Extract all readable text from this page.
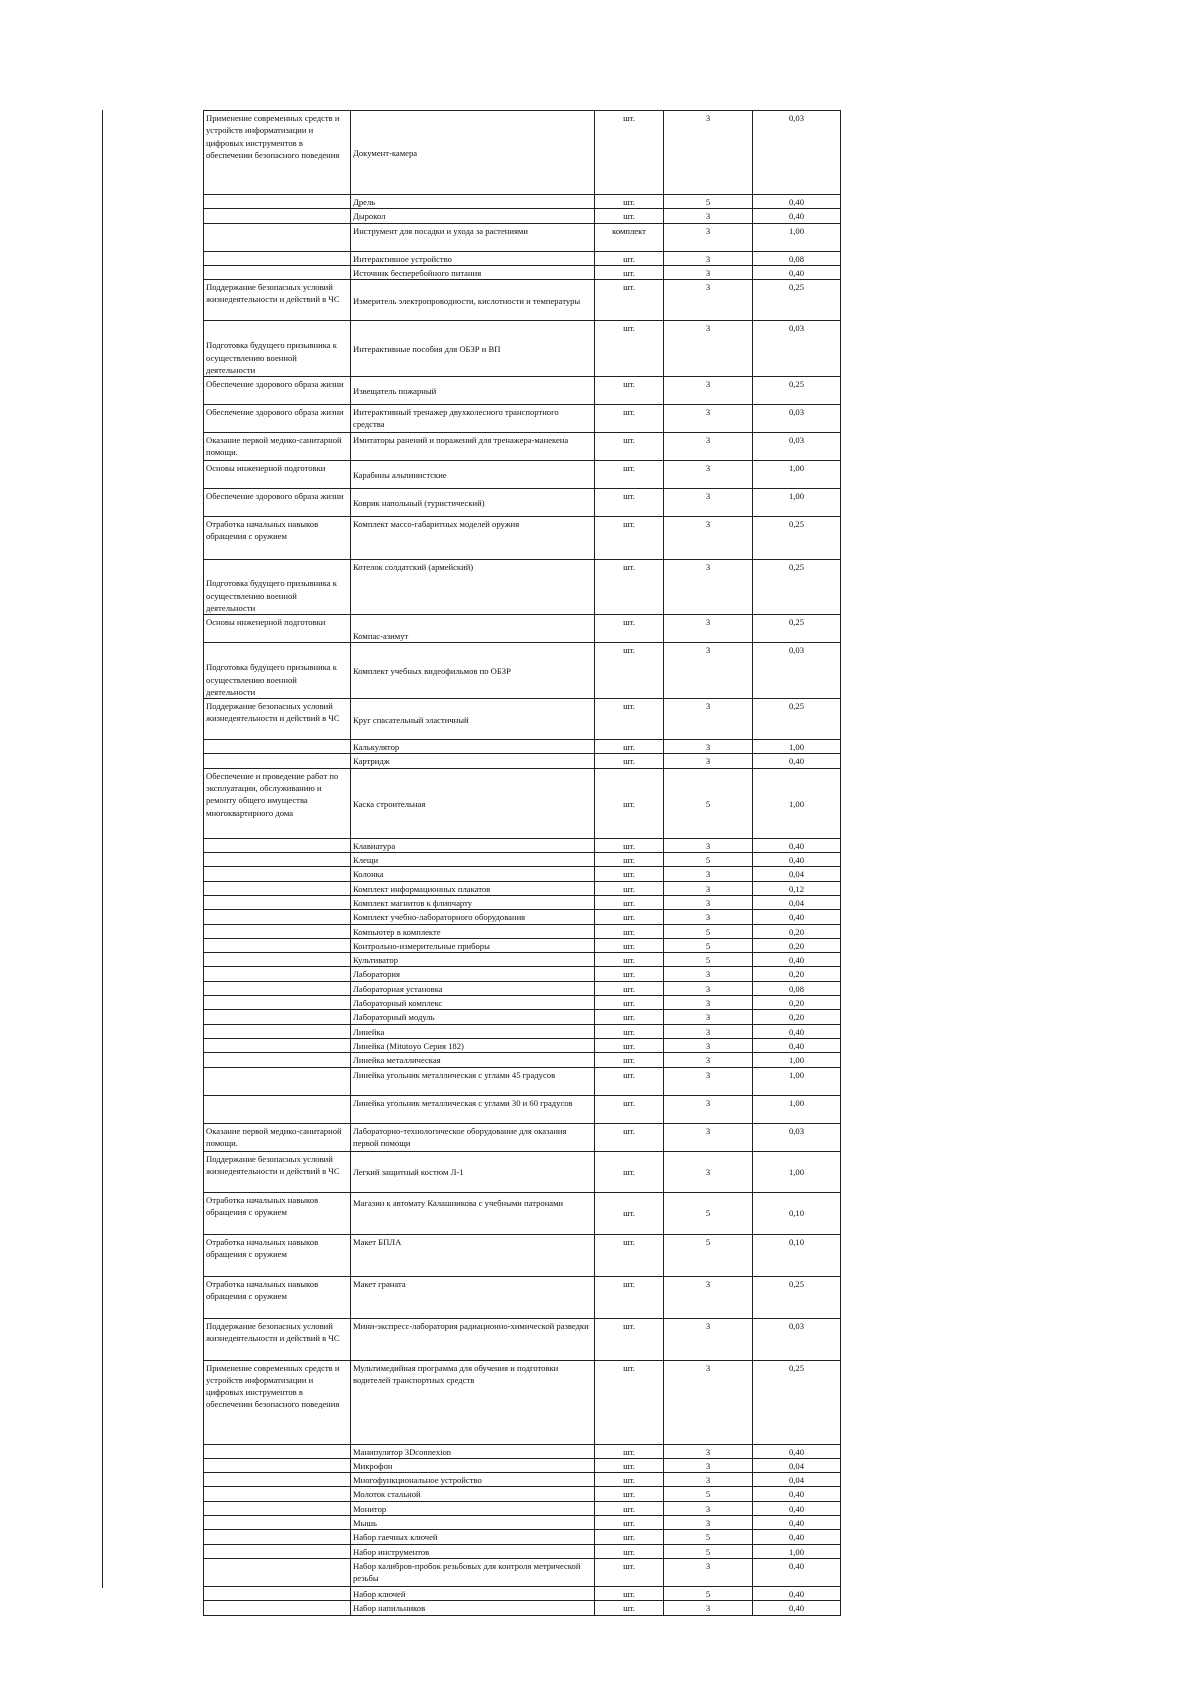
Применение современных средств и устройств информатизации и цифровых инструментов в обеспечении безопасного поведения	Документ-камера	шт.	3	0,03
	Дрель	шт.	5	0,40
	Дырокол	шт.	3	0,40
	Инструмент для посадки и ухода за растениями	комплект	3	1,00
	Интерактивное устройство	шт.	3	0,08
	Источник бесперебойного питания	шт.	3	0,40
Поддержание безопасных условий жизнедеятельности и действий в ЧС	Измеритель электропроводности, кислотности и температуры	шт.	3	0,25
Подготовка будущего призывника к осуществлению военной деятельности	Интерактивные пособия для ОБЗР и ВП	шт.	3	0,03
Обеспечение здорового образа жизни	Извещатель пожарный	шт.	3	0,25
Обеспечение здорового образа жизни	Интерактивный тренажер двухколесного транспортного средства	шт.	3	0,03
Оказание первой медико-санитарной помощи.	Имитаторы ранений и поражений для тренажера-манекена	шт.	3	0,03
Основы инженерной подготовки	Карабины альпинистские	шт.	3	1,00
Обеспечение здорового образа жизни	Коврик напольный (туристический)	шт.	3	1,00
Отработка начальных навыков обращения с оружием	Комплект массо-габаритных моделей оружия	шт.	3	0,25
Подготовка будущего призывника к осуществлению военной деятельности	Котелок солдатский (армейский)	шт.	3	0,25
Основы инженерной подготовки	Компас-азимут	шт.	3	0,25
Подготовка будущего призывника к осуществлению военной деятельности	Комплект учебных видеофильмов по ОБЗР	шт.	3	0,03
Поддержание безопасных условий жизнедеятельности и действий в ЧС	Круг спасательный эластичный	шт.	3	0,25
	Калькулятор	шт.	3	1,00
	Картридж	шт.	3	0,40
Обеспечение и проведение работ по эксплуатации, обслуживанию и ремонту общего имущества многоквартирного дома	Каска строительная	шт.	5	1,00
	Клавиатура	шт.	3	0,40
	Клещи	шт.	5	0,40
	Колонка	шт.	3	0,04
	Комплект информационных плакатов	шт.	3	0,12
	Комплект магнитов к флипчарту	шт.	3	0,04
	Комплект учебно-лабораторного оборудования	шт.	3	0,40
	Компьютер в комплекте	шт.	5	0,20
	Контрольно-измерительные приборы	шт.	5	0,20
	Культиватор	шт.	5	0,40
	Лаборатория	шт.	3	0,20
	Лабораторная установка	шт.	3	0,08
	Лабораторный комплекс	шт.	3	0,20
	Лабораторный модуль	шт.	3	0,20
	Линейка	шт.	3	0,40
	Линейка (Mitutoyo Серия 182)	шт.	3	0,40
	Линейка металлическая	шт.	3	1,00
	Линейка угольник металлическая с углами 45 градусов	шт.	3	1,00
	Линейка угольник металлическая с углами 30 и 60 градусов	шт.	3	1,00
Оказание первой медико-санитарной помощи.	Лабораторно-технологическое оборудование для оказания первой помощи	шт.	3	0,03
Поддержание безопасных условий жизнедеятельности и действий в ЧС	Легкий защитный костюм Л-1	шт.	3	1,00
Отработка начальных навыков обращения с оружием	Магазин к автомату Калашникова с учебными патронами	шт.	5	0,10
Отработка начальных навыков обращения с оружием	Макет БПЛА	шт.	5	0,10
Отработка начальных навыков обращения с оружием	Макет граната	шт.	3	0,25
Поддержание безопасных условий жизнедеятельности и действий в ЧС	Мини-экспресс-лаборатория радиационно-химической разведки	шт.	3	0,03
Применение современных средств и устройств информатизации и цифровых инструментов в обеспечении безопасного поведения	Мультимедийная программа для обучения и подготовки водителей транспортных средств	шт.	3	0,25
	Манипулятор 3Dconnexion	шт.	3	0,40
	Микрофон	шт.	3	0,04
	Многофункциональное устройство	шт.	3	0,04
	Молоток стальной	шт.	5	0,40
	Монитор	шт.	3	0,40
	Мышь	шт.	3	0,40
	Набор гаечных ключей	шт.	5	0,40
	Набор инструментов	шт.	5	1,00
	Набор калибров-пробок резьбовых для контроля метрической резьбы	шт.	3	0,40
	Набор ключей	шт.	5	0,40
	Набор напильников	шт.	3	0,40
